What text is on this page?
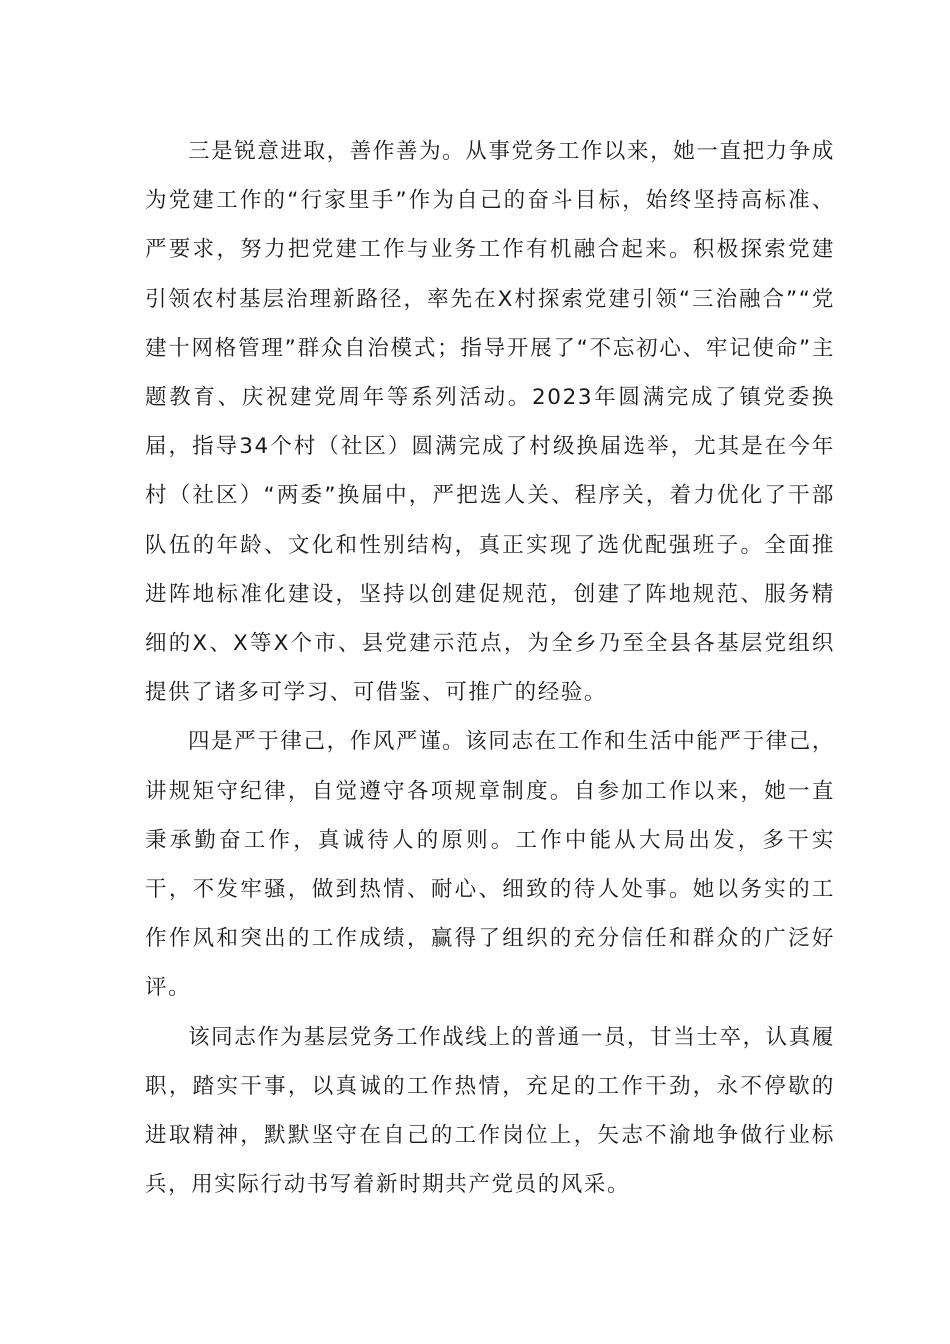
三是锐意进取，善作善为。从事党务工作以来，她一直把力争成为党建工作的“行家里手”作为自己的奋斗目标，始终坚持高标准、严要求，努力把党建工作与业务工作有机融合起来。积极探索党建引领农村基层治理新路径，率先在X村探索党建引领“三治融合”“党建十网格管理”群众自治模式；指导开展了“不忘初心、牢记使命”主题教育、庆祝建党周年等系列活动。2023年圆满完成了镇党委换届，指导34个村（社区）圆满完成了村级换届选举，尤其是在今年村（社区）“两委”换届中，严把选人关、程序关，着力优化了干部队伍的年龄、文化和性别结构，真正实现了选优配强班子。全面推进阵地标准化建设，坚持以创建促规范，创建了阵地规范、服务精细的X、X等X个市、县党建示范点，为全乡乃至全县各基层党组织提供了诸多可学习、可借鉴、可推广的经验。

四是严于律己，作风严谨。该同志在工作和生活中能严于律己，讲规矩守纪律，自觉遵守各项规章制度。自参加工作以来，她一直秉承勤奋工作，真诚待人的原则。工作中能从大局出发，多干实干，不发牢骚，做到热情、耐心、细致的待人处事。她以务实的工作作风和突出的工作成绩，赢得了组织的充分信任和群众的广泛好评。

该同志作为基层党务工作战线上的普通一员，甘当士卒，认真履职，踏实干事，以真诚的工作热情，充足的工作干劲，永不停歇的进取精神，默默坚守在自己的工作岗位上，矢志不渝地争做行业标兵，用实际行动书写着新时期共产党员的风采。
